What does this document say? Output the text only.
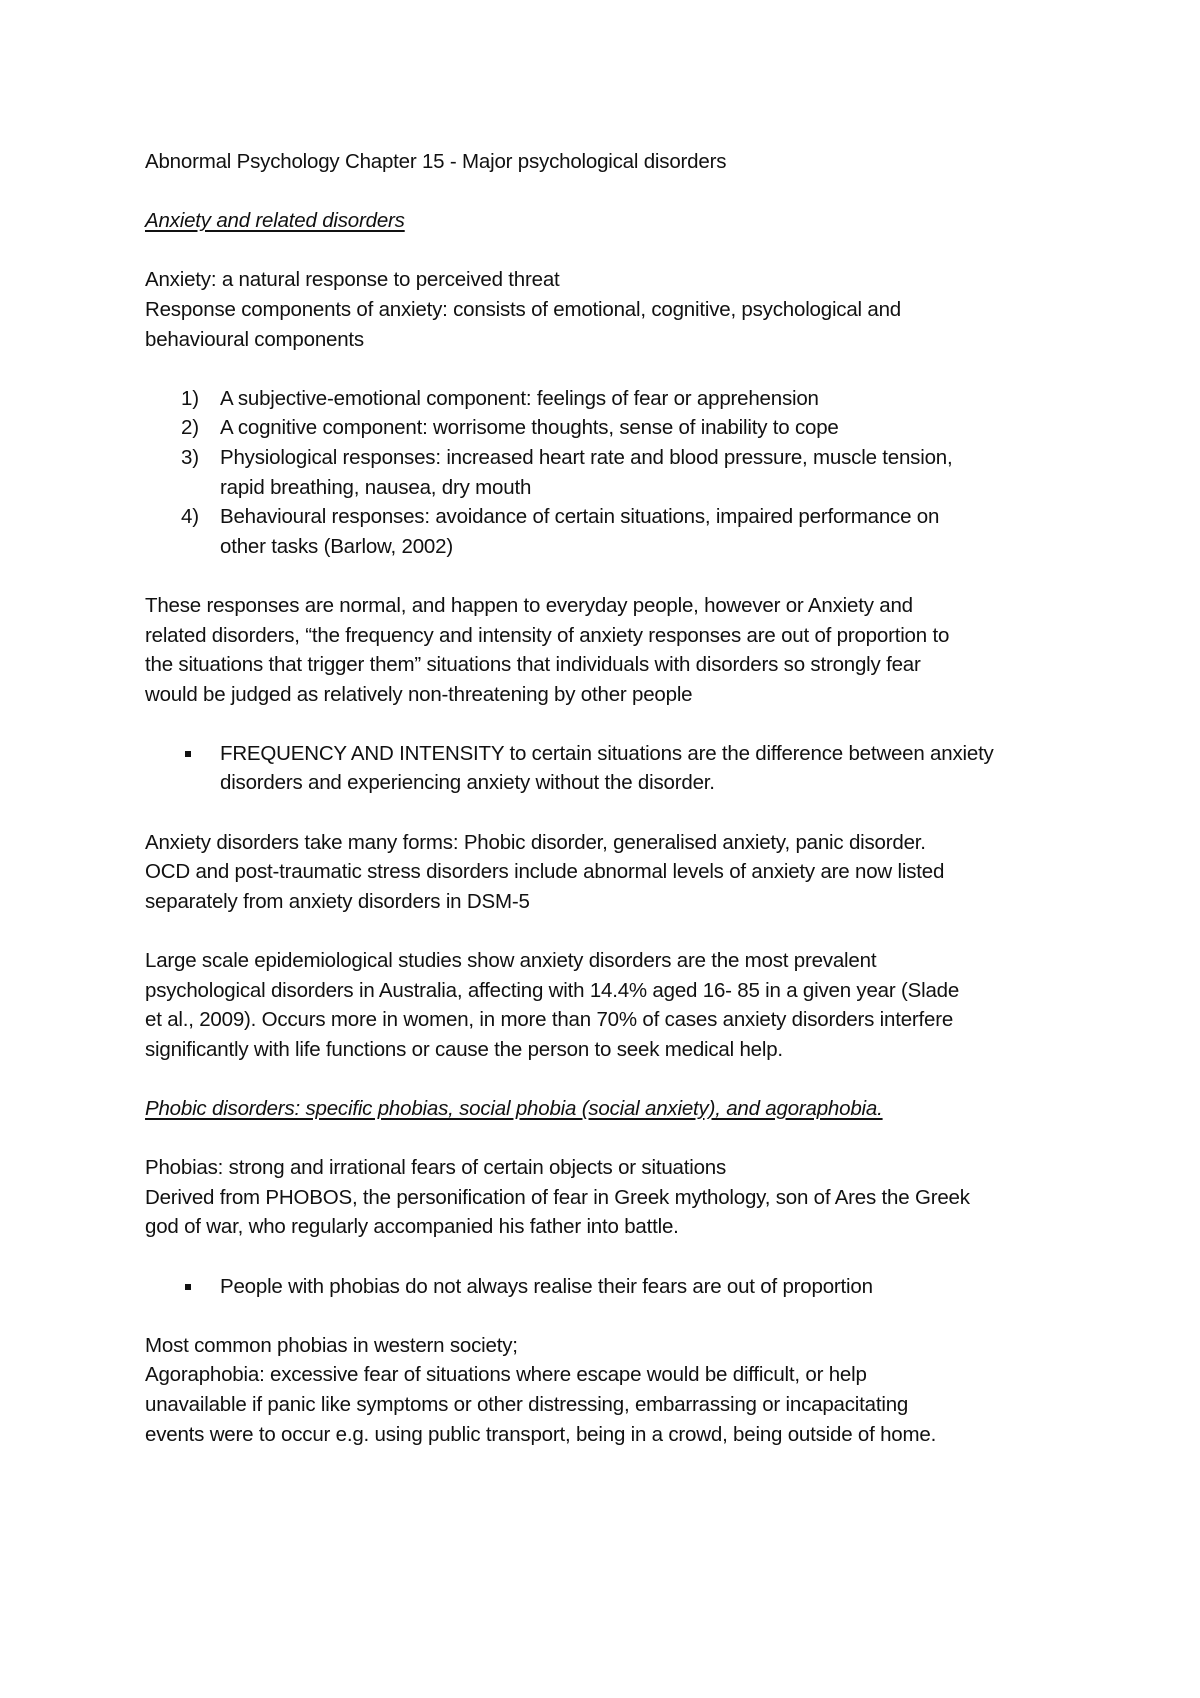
Abnormal Psychology Chapter 15 - Major psychological disorders
Anxiety and related disorders
Anxiety: a natural response to perceived threat
Response components of anxiety: consists of emotional, cognitive, psychological and
behavioural components
1)	A subjective-emotional component: feelings of fear or apprehension
2)	A cognitive component: worrisome thoughts, sense of inability to cope
3)	Physiological responses: increased heart rate and blood pressure, muscle tension,
rapid breathing, nausea, dry mouth
4)	Behavioural responses: avoidance of certain situations, impaired performance on
other tasks (Barlow, 2002)
These responses are normal, and happen to everyday people, however or Anxiety and
related disorders, “the frequency and intensity of anxiety responses are out of proportion to
the situations that trigger them” situations that individuals with disorders so strongly fear
would be judged as relatively non-threatening by other people
FREQUENCY AND INTENSITY to certain situations are the difference between anxiety
disorders and experiencing anxiety without the disorder.
Anxiety disorders take many forms: Phobic disorder, generalised anxiety, panic disorder.
OCD and post-traumatic stress disorders include abnormal levels of anxiety are now listed
separately from anxiety disorders in DSM-5
Large scale epidemiological studies show anxiety disorders are the most prevalent
psychological disorders in Australia, affecting with 14.4% aged 16- 85 in a given year (Slade
et al., 2009). Occurs more in women, in more than 70% of cases anxiety disorders interfere
significantly with life functions or cause the person to seek medical help.
Phobic disorders: specific phobias, social phobia (social anxiety), and agoraphobia.
Phobias: strong and irrational fears of certain objects or situations
Derived from PHOBOS, the personification of fear in Greek mythology, son of Ares the Greek
god of war, who regularly accompanied his father into battle.
People with phobias do not always realise their fears are out of proportion
Most common phobias in western society;
Agoraphobia: excessive fear of situations where escape would be difficult, or help
unavailable if panic like symptoms or other distressing, embarrassing or incapacitating
events were to occur e.g. using public transport, being in a crowd, being outside of home.
